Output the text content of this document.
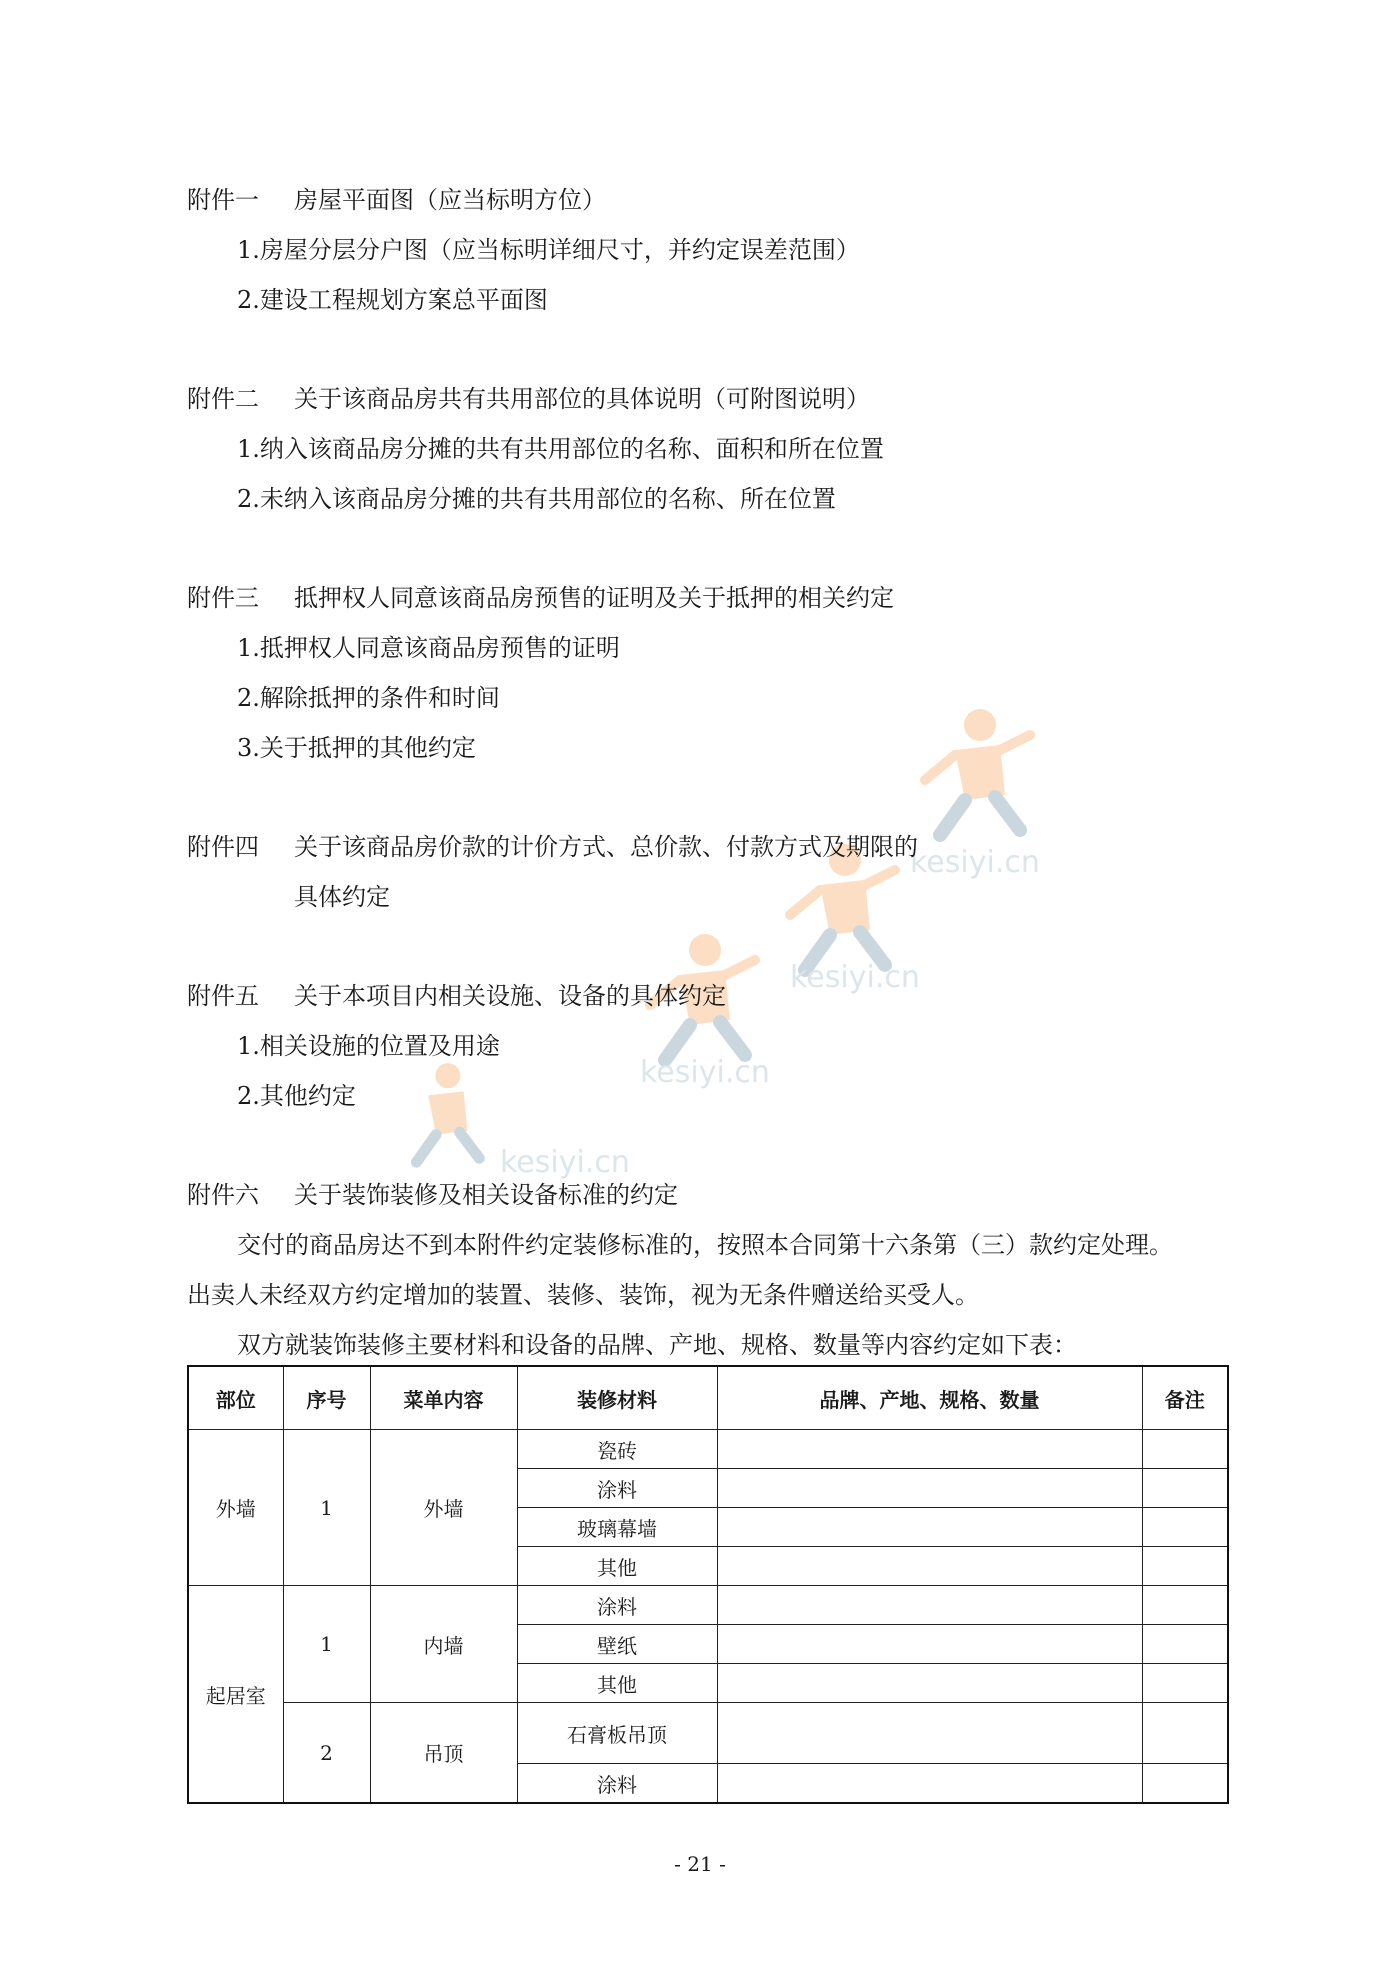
kesiyi.cn
kesiyi.cn
kesiyi.cn
kesiyi.cn
附件一 房屋平面图（应当标明方位）
1.房屋分层分户图（应当标明详细尺寸，并约定误差范围）
2.建设工程规划方案总平面图
附件二 关于该商品房共有共用部位的具体说明（可附图说明）
1.纳入该商品房分摊的共有共用部位的名称、面积和所在位置
2.未纳入该商品房分摊的共有共用部位的名称、所在位置
附件三 抵押权人同意该商品房预售的证明及关于抵押的相关约定
1.抵押权人同意该商品房预售的证明
2.解除抵押的条件和时间
3.关于抵押的其他约定
附件四 关于该商品房价款的计价方式、总价款、付款方式及期限的
具体约定
附件五 关于本项目内相关设施、设备的具体约定
1.相关设施的位置及用途
2.其他约定
附件六 关于装饰装修及相关设备标准的约定
交付的商品房达不到本附件约定装修标准的，按照本合同第十六条第（三）款约定处理。
出卖人未经双方约定增加的装置、装修、装饰，视为无条件赠送给买受人。
双方就装饰装修主要材料和设备的品牌、产地、规格、数量等内容约定如下表：
部位	序号	菜单内容	装修材料	品牌、产地、规格、数量	备注
外墙	1	外墙	瓷砖		
			涂料		
			玻璃幕墙		
			其他		
起居室	1	内墙	涂料		
			壁纸		
			其他		
	2	吊顶	石膏板吊顶		
			涂料		
- 21 -
